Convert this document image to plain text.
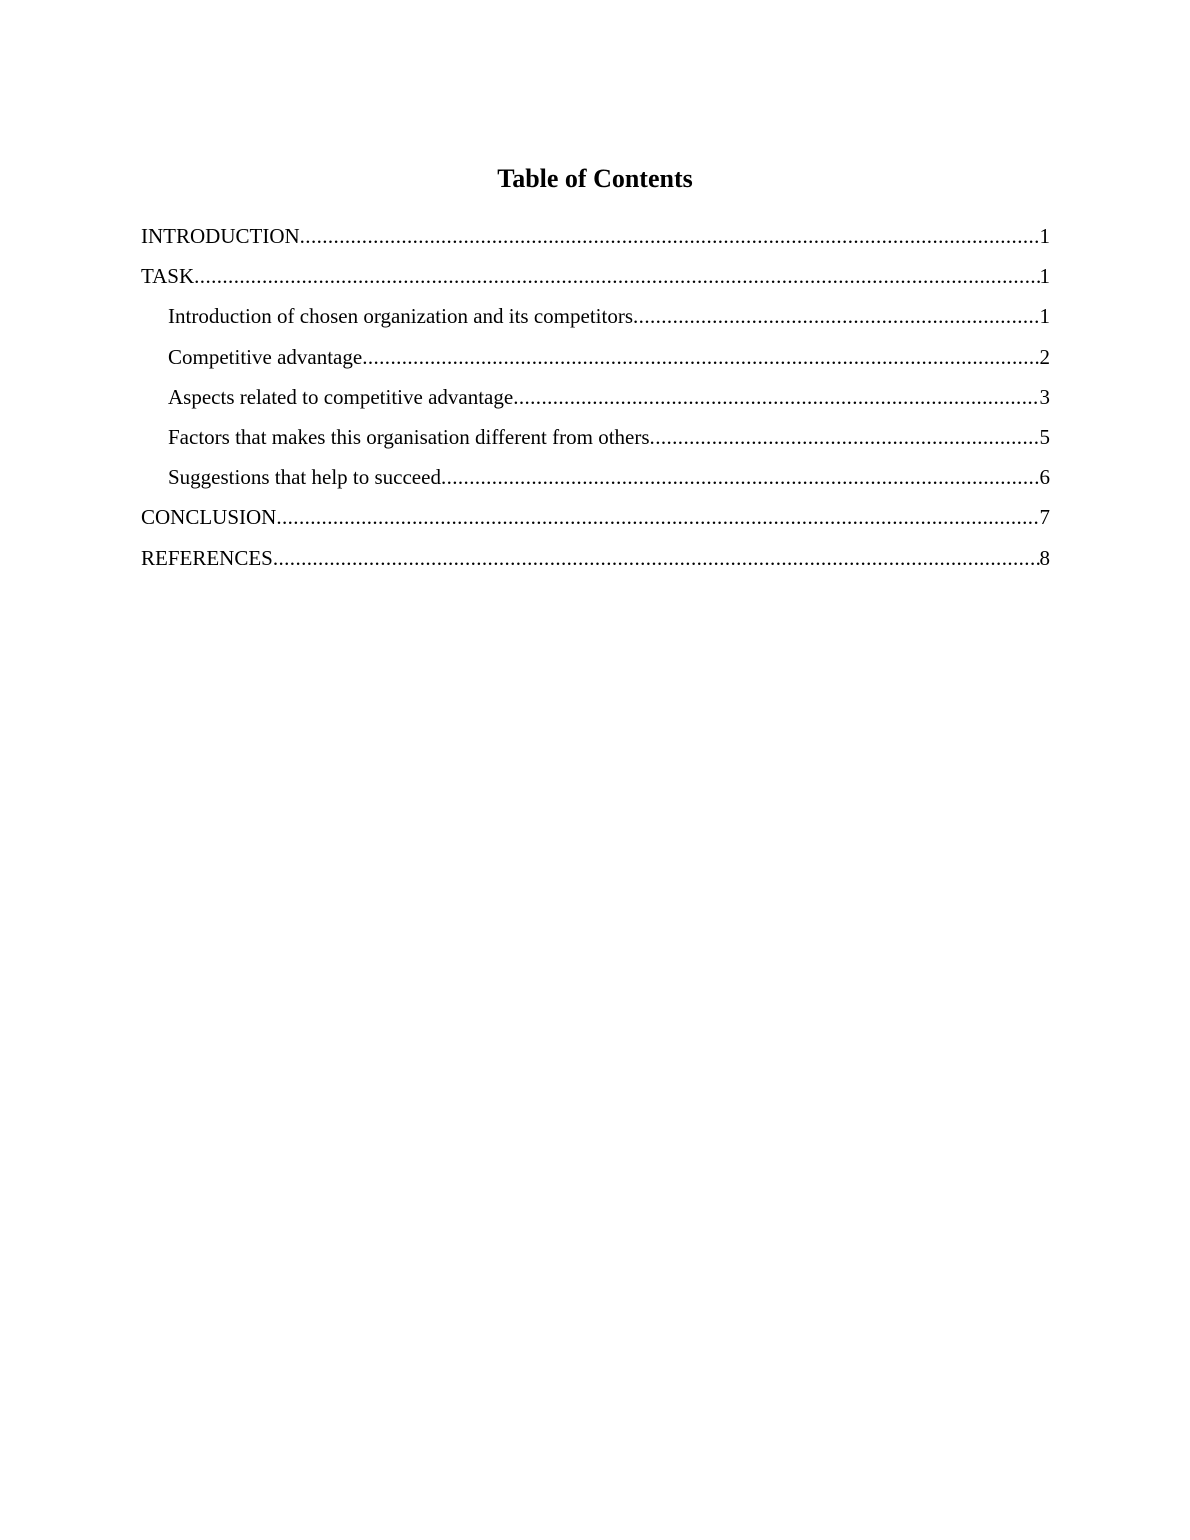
Table of Contents
INTRODUCTION .....	1
TASK .....	1
Introduction of chosen organization and its competitors .....	1
Competitive advantage .....	2
Aspects related to competitive advantage .....	3
Factors that makes this organisation different from others .....	5
Suggestions that help to succeed .....	6
CONCLUSION .....	7
REFERENCES .....	8
